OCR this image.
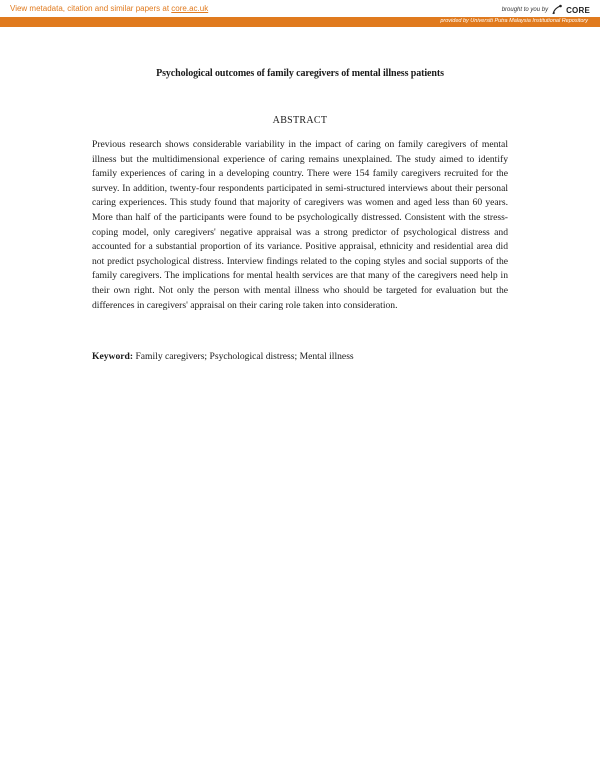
View metadata, citation and similar papers at core.ac.uk	brought to you by CORE
provided by Universiti Putra Malaysia Institutional Repository
Psychological outcomes of family caregivers of mental illness patients
ABSTRACT
Previous research shows considerable variability in the impact of caring on family caregivers of mental illness but the multidimensional experience of caring remains unexplained. The study aimed to identify family experiences of caring in a developing country. There were 154 family caregivers recruited for the survey. In addition, twenty-four respondents participated in semi-structured interviews about their personal caring experiences. This study found that majority of caregivers was women and aged less than 60 years. More than half of the participants were found to be psychologically distressed. Consistent with the stress-coping model, only caregivers' negative appraisal was a strong predictor of psychological distress and accounted for a substantial proportion of its variance. Positive appraisal, ethnicity and residential area did not predict psychological distress. Interview findings related to the coping styles and social supports of the family caregivers. The implications for mental health services are that many of the caregivers need help in their own right. Not only the person with mental illness who should be targeted for evaluation but the differences in caregivers' appraisal on their caring role taken into consideration.
Keyword: Family caregivers; Psychological distress; Mental illness
